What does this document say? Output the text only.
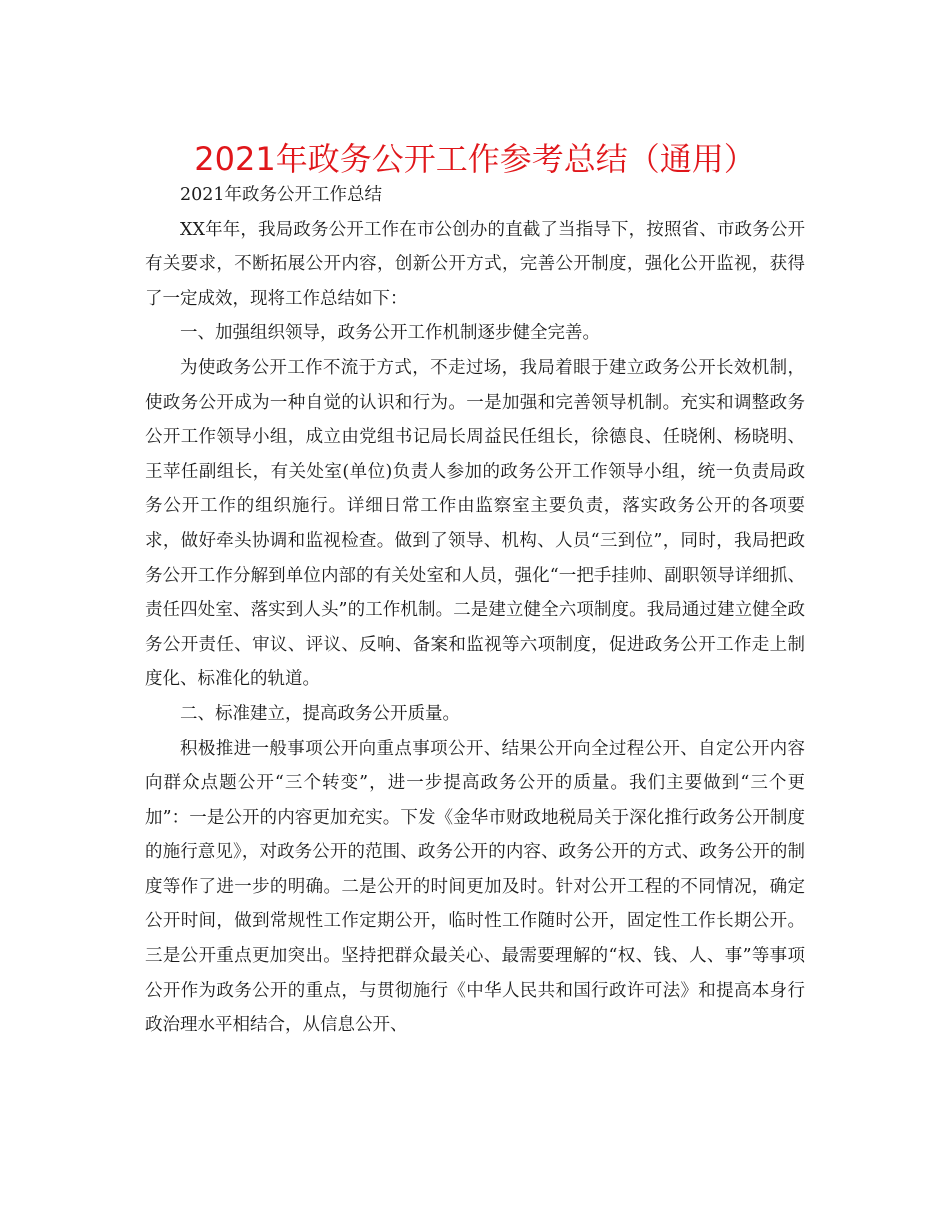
2021年政务公开工作参考总结（通用）

2021年政务公开工作总结

XX年年，我局政务公开工作在市公创办的直截了当指导下，按照省、市政务公开有关要求，不断拓展公开内容，创新公开方式，完善公开制度，强化公开监视，获得了一定成效，现将工作总结如下：

一、加强组织领导，政务公开工作机制逐步健全完善。

为使政务公开工作不流于方式，不走过场，我局着眼于建立政务公开长效机制，使政务公开成为一种自觉的认识和行为。一是加强和完善领导机制。充实和调整政务公开工作领导小组，成立由党组书记局长周益民任组长，徐德良、任晓俐、杨晓明、王苹任副组长，有关处室(单位)负责人参加的政务公开工作领导小组，统一负责局政务公开工作的组织施行。详细日常工作由监察室主要负责，落实政务公开的各项要求，做好牵头协调和监视检查。做到了领导、机构、人员“三到位”，同时，我局把政务公开工作分解到单位内部的有关处室和人员，强化“一把手挂帅、副职领导详细抓、责任四处室、落实到人头”的工作机制。二是建立健全六项制度。我局通过建立健全政务公开责任、审议、评议、反响、备案和监视等六项制度，促进政务公开工作走上制度化、标准化的轨道。

二、标准建立，提高政务公开质量。

积极推进一般事项公开向重点事项公开、结果公开向全过程公开、自定公开内容向群众点题公开“三个转变”，进一步提高政务公开的质量。我们主要做到“三个更加”：一是公开的内容更加充实。下发《金华市财政地税局关于深化推行政务公开制度的施行意见》，对政务公开的范围、政务公开的内容、政务公开的方式、政务公开的制度等作了进一步的明确。二是公开的时间更加及时。针对公开工程的不同情况，确定公开时间，做到常规性工作定期公开，临时性工作随时公开，固定性工作长期公开。三是公开重点更加突出。坚持把群众最关心、最需要理解的“权、钱、人、事”等事项公开作为政务公开的重点，与贯彻施行《中华人民共和国行政许可法》和提高本身行政治理水平相结合，从信息公开、
